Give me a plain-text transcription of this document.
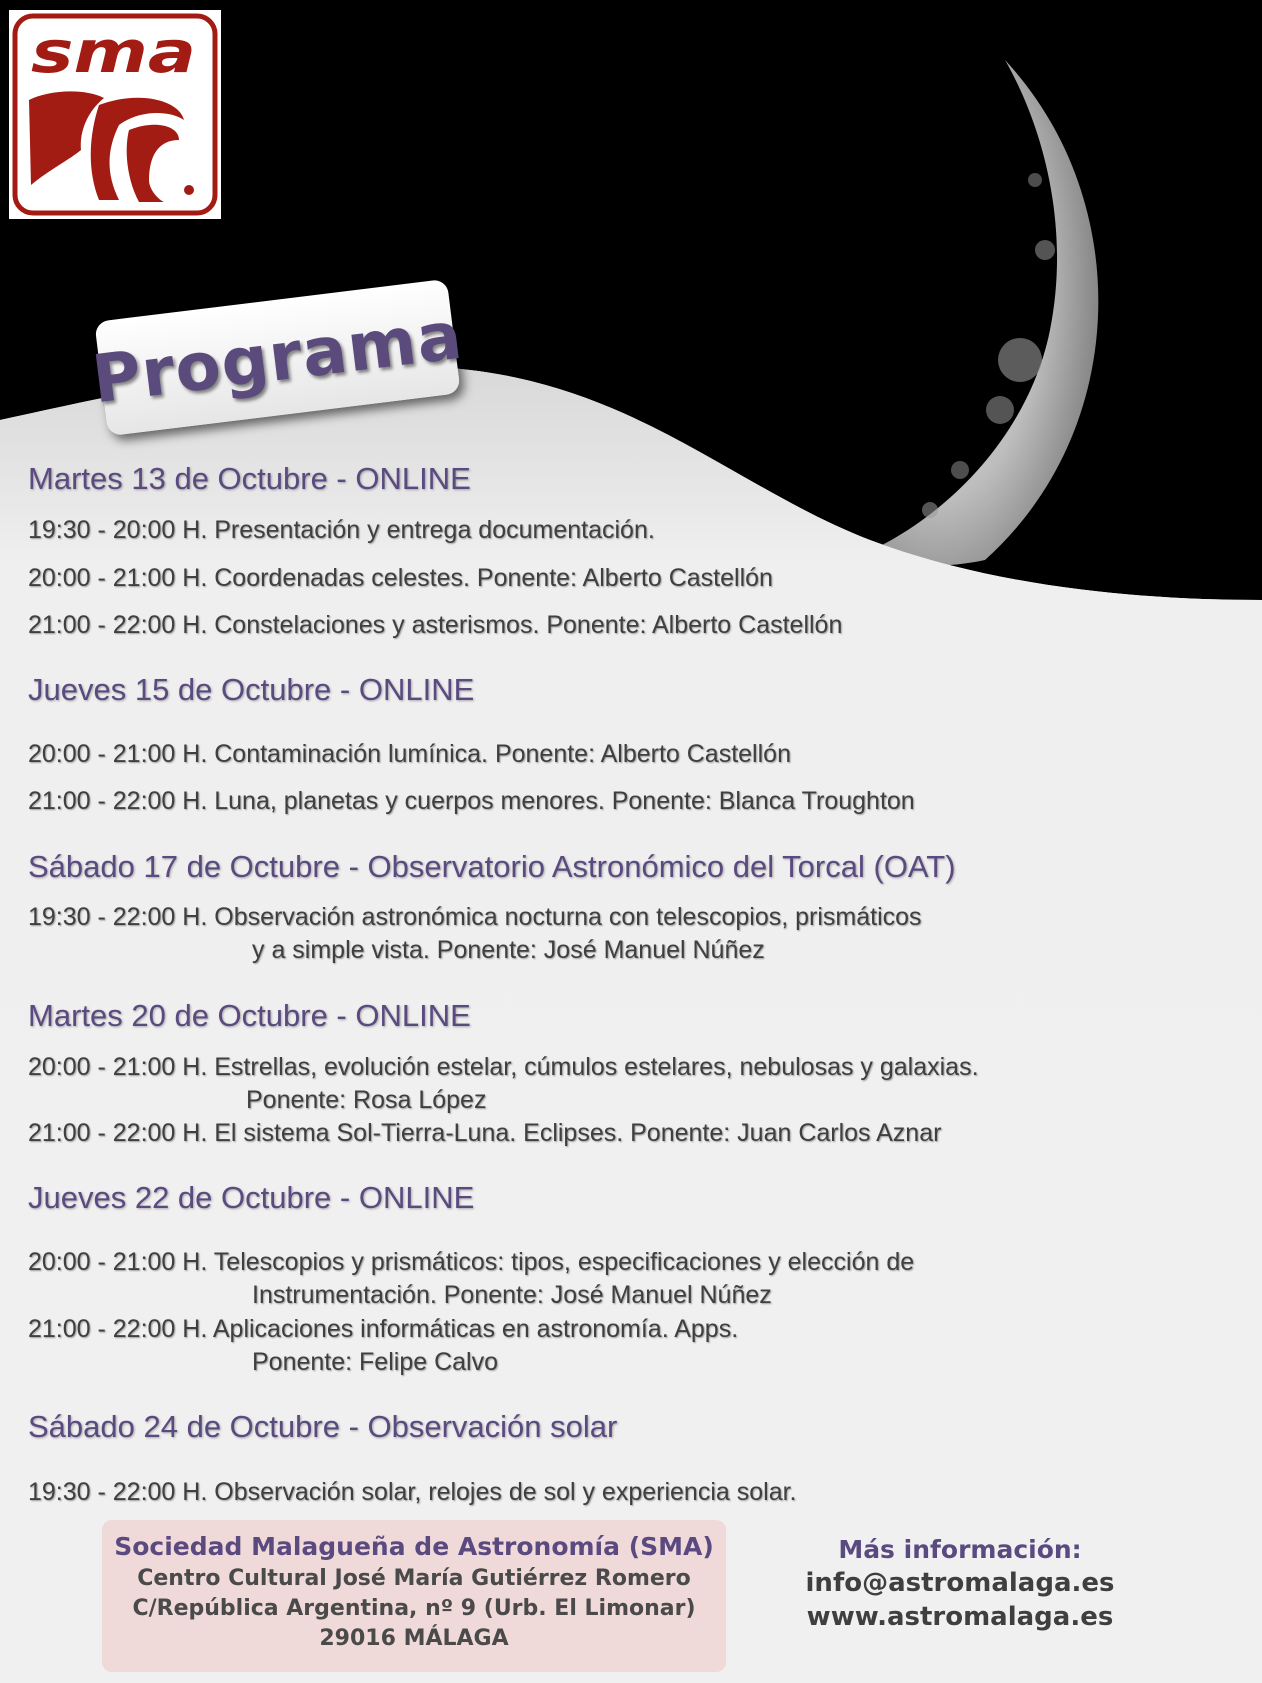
sma
Programa
Martes 13 de Octubre - ONLINE
19:30 - 20:00 H. Presentación y entrega documentación.
20:00 - 21:00 H. Coordenadas celestes. Ponente: Alberto Castellón
21:00 - 22:00 H. Constelaciones y asterismos. Ponente: Alberto Castellón
Jueves 15 de Octubre - ONLINE
20:00 - 21:00 H. Contaminación lumínica. Ponente: Alberto Castellón
21:00 - 22:00 H. Luna, planetas y cuerpos menores. Ponente: Blanca Troughton
Sábado 17 de Octubre - Observatorio Astronómico del Torcal (OAT)
19:30 - 22:00 H. Observación astronómica nocturna con telescopios, prismáticos
y a simple vista. Ponente: José Manuel Núñez
Martes 20 de Octubre - ONLINE
20:00 - 21:00 H. Estrellas, evolución estelar, cúmulos estelares, nebulosas y galaxias.
Ponente: Rosa López
21:00 - 22:00 H. El sistema Sol-Tierra-Luna. Eclipses. Ponente: Juan Carlos Aznar
Jueves 22 de Octubre - ONLINE
20:00 - 21:00 H. Telescopios y prismáticos: tipos, especificaciones y elección de
Instrumentación. Ponente: José Manuel Núñez
21:00 - 22:00 H. Aplicaciones informáticas en astronomía. Apps.
Ponente: Felipe Calvo
Sábado 24 de Octubre - Observación solar
19:30 - 22:00 H. Observación solar, relojes de sol y experiencia solar.
Sociedad Malagueña de Astronomía (SMA)
Centro Cultural José María Gutiérrez Romero
C/República Argentina, nº 9 (Urb. El Limonar)
29016 MÁLAGA
Más información:
info@astromalaga.es
www.astromalaga.es
